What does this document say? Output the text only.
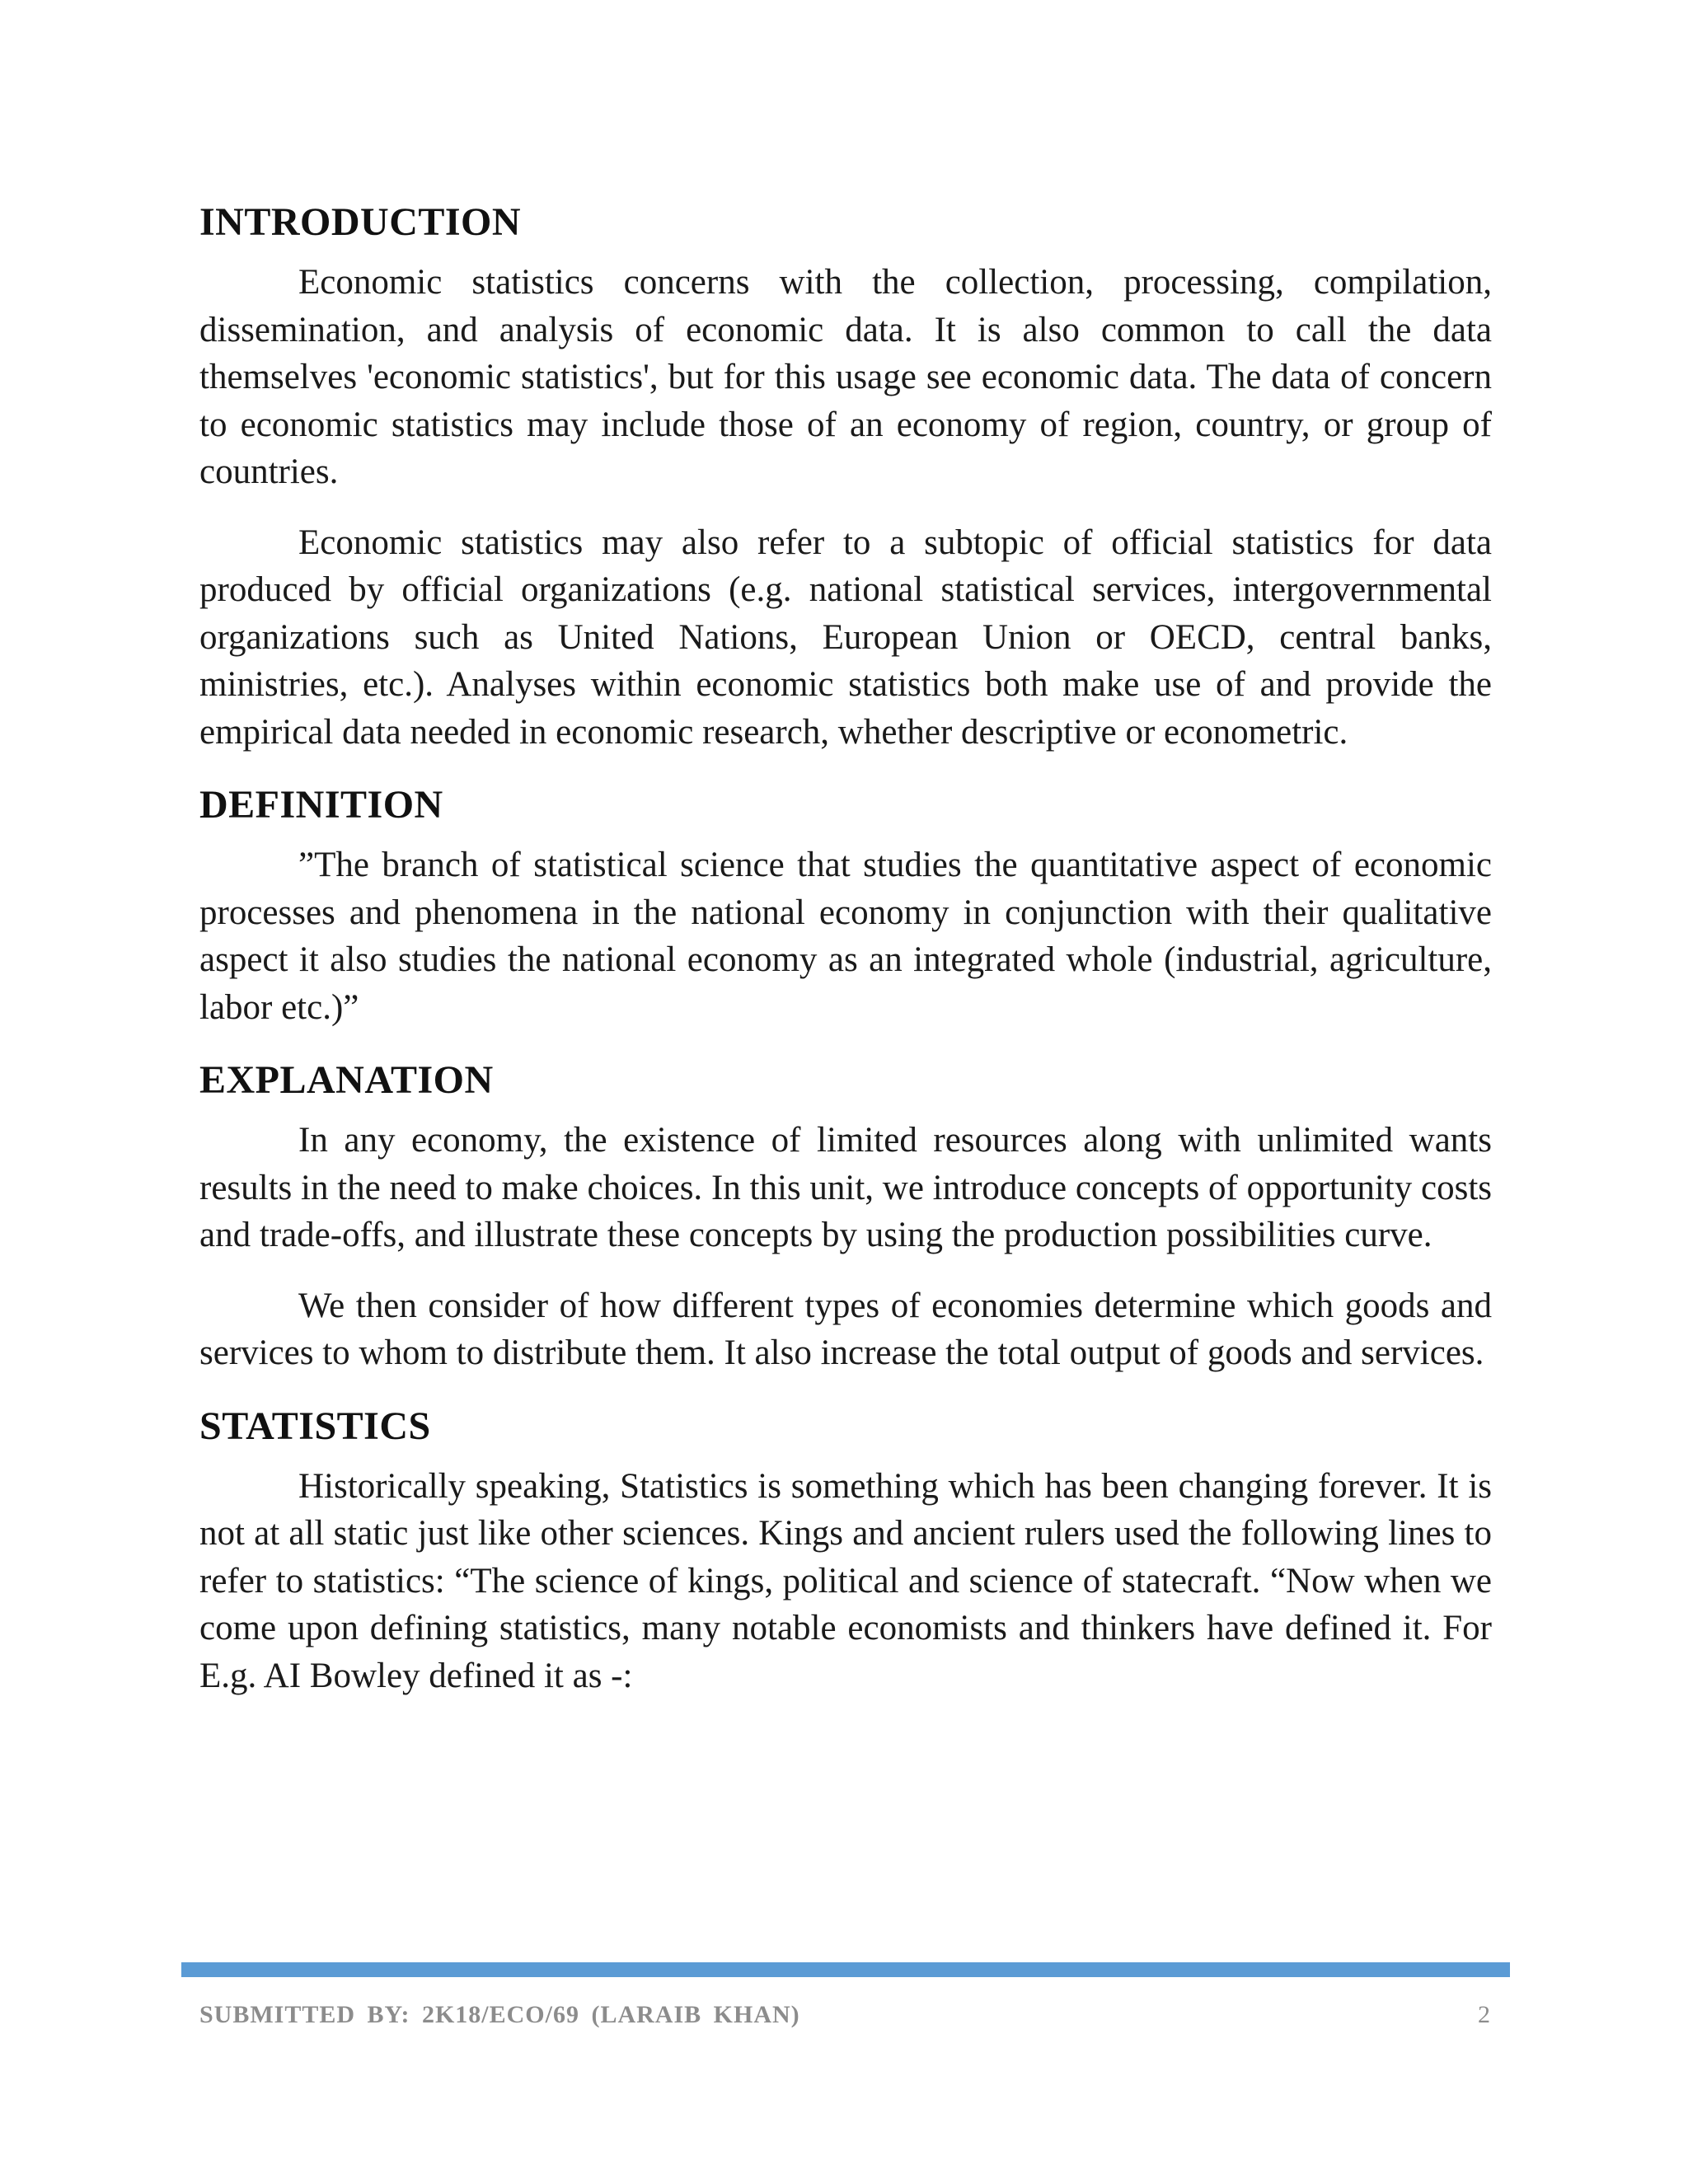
INTRODUCTION

Economic statistics concerns with the collection, processing, compilation, dissemination, and analysis of economic data. It is also common to call the data themselves 'economic statistics', but for this usage see economic data. The data of concern to economic statistics may include those of an economy of region, country, or group of countries.

Economic statistics may also refer to a subtopic of official statistics for data produced by official organizations (e.g. national statistical services, intergovernmental organizations such as United Nations, European Union or OECD, central banks, ministries, etc.). Analyses within economic statistics both make use of and provide the empirical data needed in economic research, whether descriptive or econometric.

DEFINITION

”The branch of statistical science that studies the quantitative aspect of economic processes and phenomena in the national economy in conjunction with their qualitative aspect it also studies the national economy as an integrated whole (industrial, agriculture, labor etc.)”

EXPLANATION

In any economy, the existence of limited resources along with unlimited wants results in the need to make choices. In this unit, we introduce concepts of opportunity costs and trade-offs, and illustrate these concepts by using the production possibilities curve.

We then consider of how different types of economies determine which goods and services to whom to distribute them. It also increase the total output of goods and services.

STATISTICS

Historically speaking, Statistics is something which has been changing forever. It is not at all static just like other sciences. Kings and ancient rulers used the following lines to refer to statistics: “The science of kings, political and science of statecraft. “Now when we come upon defining statistics, many notable economists and thinkers have defined it. For E.g. AI Bowley defined it as -:

SUBMITTED BY: 2K18/ECO/69 (LARAIB KHAN)	2
